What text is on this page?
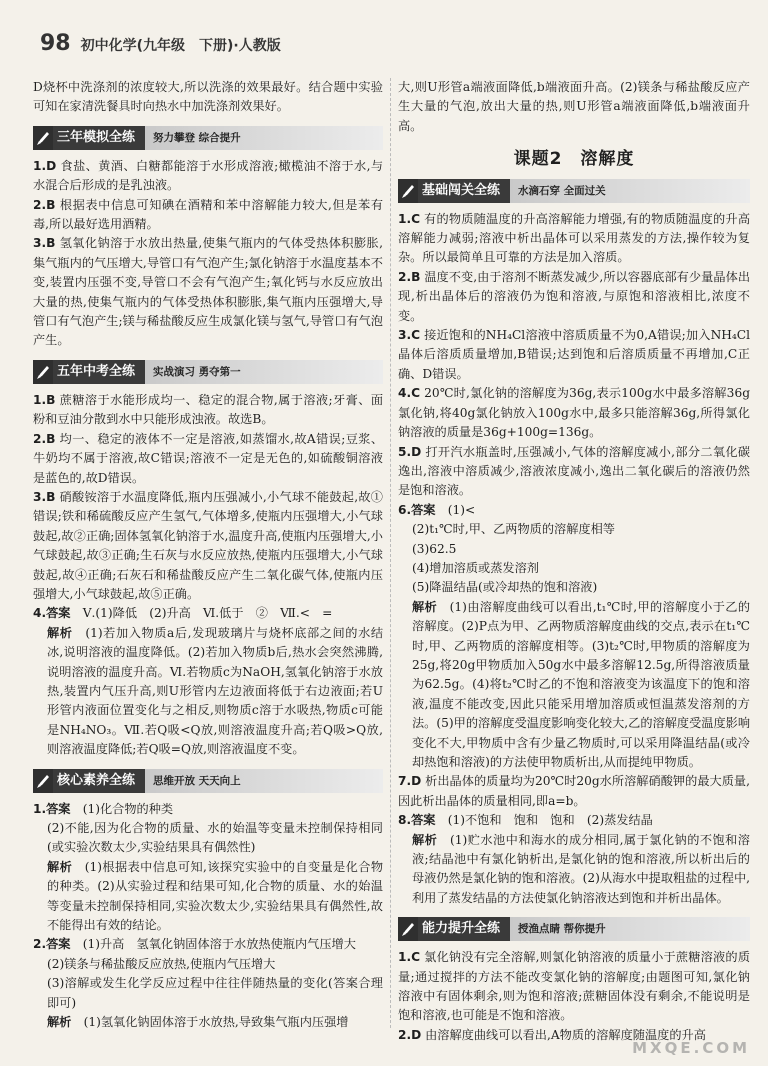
98 初中化学(九年级　下册)·人教版

D烧杯中洗涤剂的浓度较大,所以洗涤的效果最好。结合题中实验可知在家清洗餐具时向热水中加洗涤剂效果好。

三年模拟全练	努力攀登 综合提升

1.D 食盐、黄酒、白糖都能溶于水形成溶液;橄榄油不溶于水,与水混合后形成的是乳浊液。

2.B 根据表中信息可知碘在酒精和苯中溶解能力较大,但是苯有毒,所以最好选用酒精。

3.B 氢氧化钠溶于水放出热量,使集气瓶内的气体受热体积膨胀,集气瓶内的气压增大,导管口有气泡产生;氯化钠溶于水温度基本不变,装置内压强不变,导管口不会有气泡产生;氧化钙与水反应放出大量的热,使集气瓶内的气体受热体积膨胀,集气瓶内压强增大,导管口有气泡产生;镁与稀盐酸反应生成氯化镁与氢气,导管口有气泡产生。

五年中考全练	实战演习 勇夺第一

1.B 蔗糖溶于水能形成均一、稳定的混合物,属于溶液;牙膏、面粉和豆油分散到水中只能形成浊液。故选B。

2.B 均一、稳定的液体不一定是溶液,如蒸馏水,故A错误;豆浆、牛奶均不属于溶液,故C错误;溶液不一定是无色的,如硫酸铜溶液是蓝色的,故D错误。

3.B 硝酸铵溶于水温度降低,瓶内压强减小,小气球不能鼓起,故①错误;铁和稀硫酸反应产生氢气,气体增多,使瓶内压强增大,小气球鼓起,故②正确;固体氢氧化钠溶于水,温度升高,使瓶内压强增大,小气球鼓起,故③正确;生石灰与水反应放热,使瓶内压强增大,小气球鼓起,故④正确;石灰石和稀盐酸反应产生二氧化碳气体,使瓶内压强增大,小气球鼓起,故⑤正确。

4.答案　 Ⅴ.(1)降低　(2)升高　Ⅵ.低于　②　Ⅶ.<　=

解析　 (1)若加入物质a后,发现玻璃片与烧杯底部之间的水结冰,说明溶液的温度降低。(2)若加入物质b后,热水会突然沸腾,说明溶液的温度升高。Ⅵ.若物质c为NaOH,氢氧化钠溶于水放热,装置内气压升高,则U形管内左边液面将低于右边液面;若U形管内液面位置变化与之相反,则物质c溶于水吸热,物质c可能是NH₄NO₃。Ⅶ.若Q吸<Q放,则溶液温度升高;若Q吸>Q放,则溶液温度降低;若Q吸=Q放,则溶液温度不变。

核心素养全练	思维开放 天天向上

1.答案　 (1)化合物的种类

(2)不能,因为化合物的质量、水的始温等变量未控制保持相同(或实验次数太少,实验结果具有偶然性)

解析　 (1)根据表中信息可知,该探究实验中的自变量是化合物的种类。(2)从实验过程和结果可知,化合物的质量、水的始温等变量未控制保持相同,实验次数太少,实验结果具有偶然性,故不能得出有效的结论。

2.答案　 (1)升高　氢氧化钠固体溶于水放热使瓶内气压增大

(2)镁条与稀盐酸反应放热,使瓶内气压增大

(3)溶解或发生化学反应过程中往往伴随热量的变化(答案合理即可)

解析　 (1)氢氧化钠固体溶于水放热,导致集气瓶内压强增

大,则U形管a端液面降低,b端液面升高。(2)镁条与稀盐酸反应产生大量的气泡,放出大量的热,则U形管a端液面降低,b端液面升高。

课题2　溶解度
基础闯关全练	水滴石穿 全面过关

1.C 有的物质随温度的升高溶解能力增强,有的物质随温度的升高溶解能力减弱;溶液中析出晶体可以采用蒸发的方法,操作较为复杂。所以最简单且可靠的方法是加入溶质。

2.B 温度不变,由于溶剂不断蒸发减少,所以容器底部有少量晶体出现,析出晶体后的溶液仍为饱和溶液,与原饱和溶液相比,浓度不变。

3.C 接近饱和的NH₄Cl溶液中溶质质量不为0,A错误;加入NH₄Cl晶体后溶质质量增加,B错误;达到饱和后溶质质量不再增加,C正确、D错误。

4.C 20℃时,氯化钠的溶解度为36g,表示100g水中最多溶解36g氯化钠,将40g氯化钠放入100g水中,最多只能溶解36g,所得氯化钠溶液的质量是36g+100g=136g。

5.D 打开汽水瓶盖时,压强减小,气体的溶解度减小,部分二氧化碳逸出,溶液中溶质减少,溶液浓度减小,逸出二氧化碳后的溶液仍然是饱和溶液。

6.答案　 (1)<

(2)t₁℃时,甲、乙两物质的溶解度相等

(3)62.5

(4)增加溶质或蒸发溶剂

(5)降温结晶(或冷却热的饱和溶液)

解析　 (1)由溶解度曲线可以看出,t₁℃时,甲的溶解度小于乙的溶解度。(2)P点为甲、乙两物质溶解度曲线的交点,表示在t₁℃时,甲、乙两物质的溶解度相等。(3)t₂℃时,甲物质的溶解度为25g,将20g甲物质加入50g水中最多溶解12.5g,所得溶液质量为62.5g。(4)将t₂℃时乙的不饱和溶液变为该温度下的饱和溶液,温度不能改变,因此只能采用增加溶质或恒温蒸发溶剂的方法。(5)甲的溶解度受温度影响变化较大,乙的溶解度受温度影响变化不大,甲物质中含有少量乙物质时,可以采用降温结晶(或冷却热饱和溶液)的方法使甲物质析出,从而提纯甲物质。

7.D 析出晶体的质量均为20℃时20g水所溶解硝酸钾的最大质量,因此析出晶体的质量相同,即a=b。

8.答案　 (1)不饱和　饱和　饱和　(2)蒸发结晶

解析　 (1)贮水池中和海水的成分相同,属于氯化钠的不饱和溶液;结晶池中有氯化钠析出,是氯化钠的饱和溶液,所以析出后的母液仍然是氯化钠的饱和溶液。(2)从海水中提取粗盐的过程中,利用了蒸发结晶的方法使氯化钠溶液达到饱和并析出晶体。

能力提升全练	授渔点睛 帮你提升

1.C 氯化钠没有完全溶解,则氯化钠溶液的质量小于蔗糖溶液的质量;通过搅拌的方法不能改变氯化钠的溶解度;由题图可知,氯化钠溶液中有固体剩余,则为饱和溶液;蔗糖固体没有剩余,不能说明是饱和溶液,也可能是不饱和溶液。

2.D 由溶解度曲线可以看出,A物质的溶解度随温度的升高

MXQE.COM
